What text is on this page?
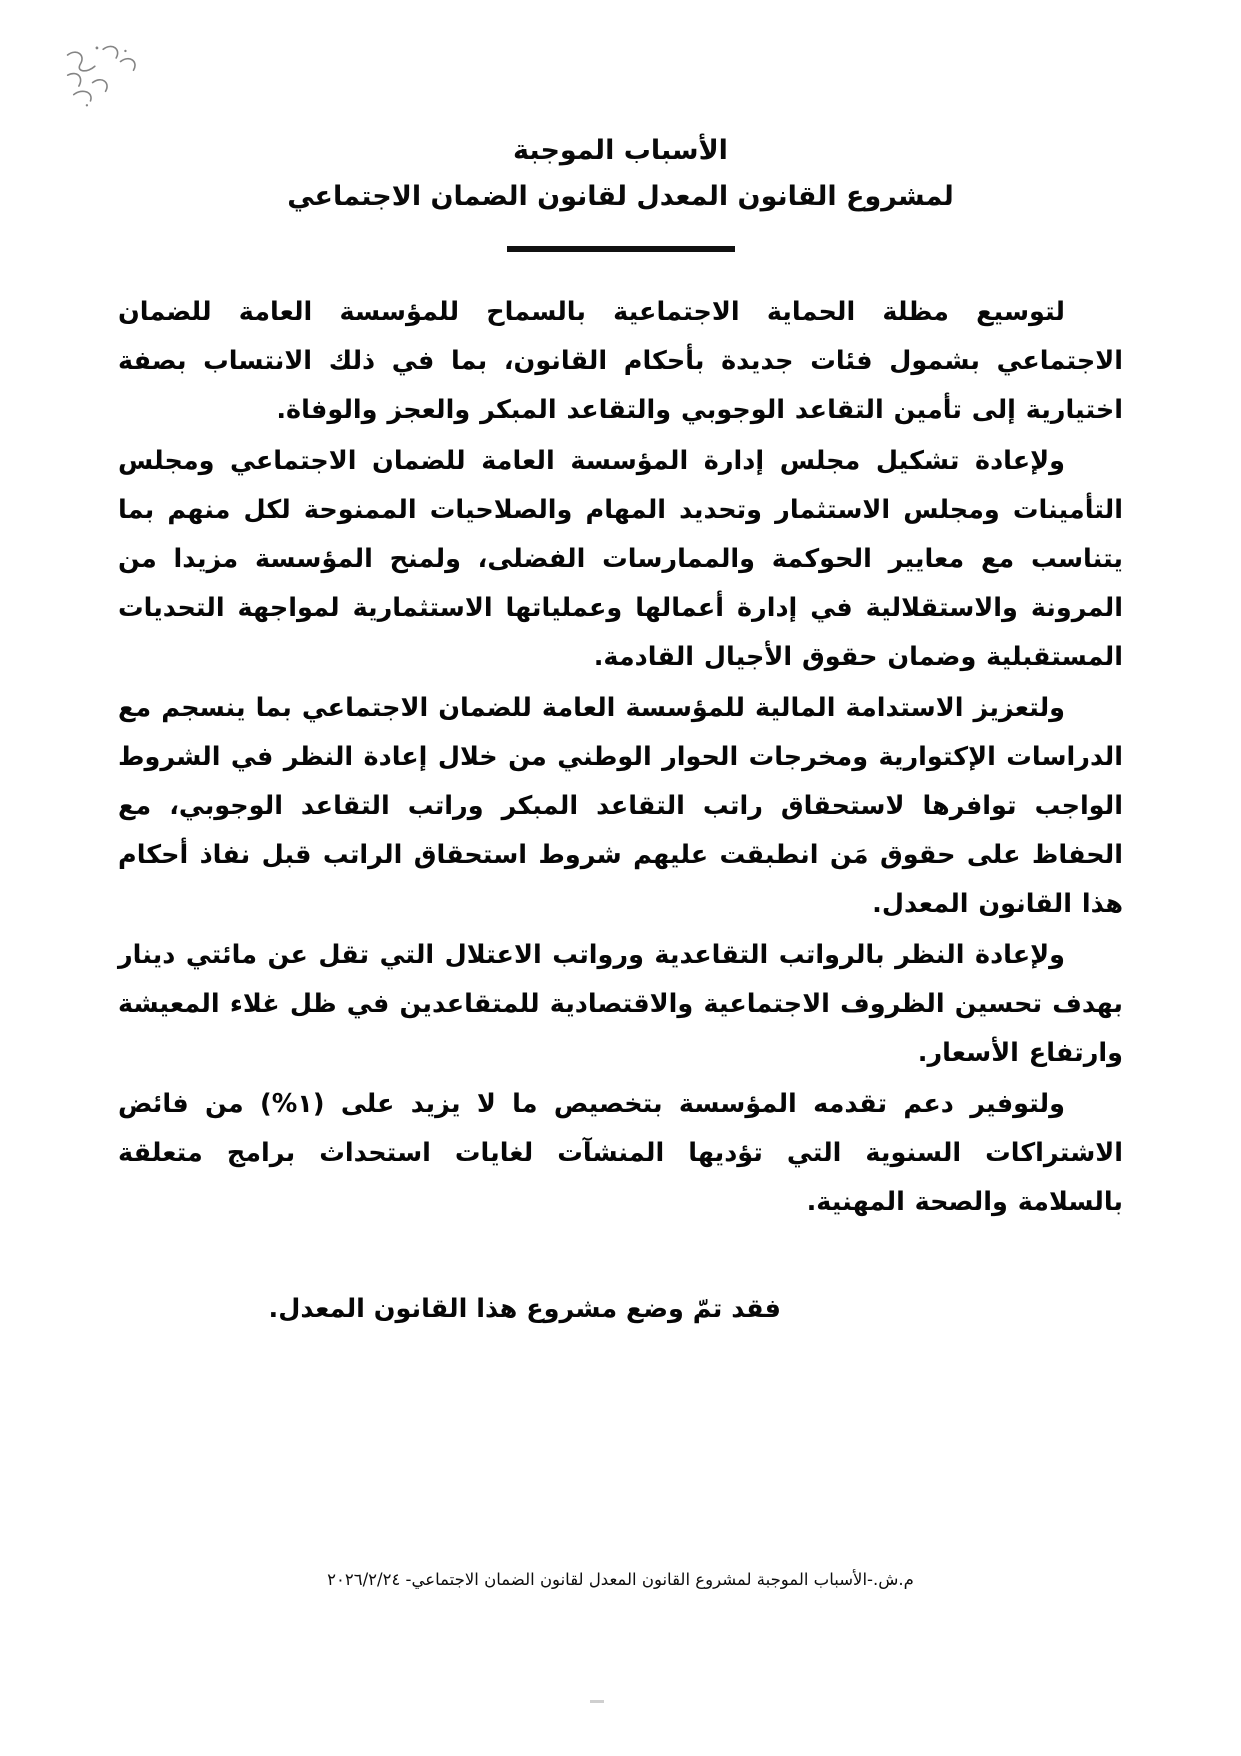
الأسباب الموجبة
لمشروع القانون المعدل لقانون الضمان الاجتماعي

لتوسيع مظلة الحماية الاجتماعية بالسماح للمؤسسة العامة للضمان الاجتماعي بشمول فئات جديدة بأحكام القانون، بما في ذلك الانتساب بصفة اختيارية إلى تأمين التقاعد الوجوبي والتقاعد المبكر والعجز والوفاة.

ولإعادة تشكيل مجلس إدارة المؤسسة العامة للضمان الاجتماعي ومجلس التأمينات ومجلس الاستثمار وتحديد المهام والصلاحيات الممنوحة لكل منهم بما يتناسب مع معايير الحوكمة والممارسات الفضلى، ولمنح المؤسسة مزيدا من المرونة والاستقلالية في إدارة أعمالها وعملياتها الاستثمارية لمواجهة التحديات المستقبلية وضمان حقوق الأجيال القادمة.

ولتعزيز الاستدامة المالية للمؤسسة العامة للضمان الاجتماعي بما ينسجم مع الدراسات الإكتوارية ومخرجات الحوار الوطني من خلال إعادة النظر في الشروط الواجب توافرها لاستحقاق راتب التقاعد المبكر وراتب التقاعد الوجوبي، مع الحفاظ على حقوق مَن انطبقت عليهم شروط استحقاق الراتب قبل نفاذ أحكام هذا القانون المعدل.

ولإعادة النظر بالرواتب التقاعدية ورواتب الاعتلال التي تقل عن مائتي دينار بهدف تحسين الظروف الاجتماعية والاقتصادية للمتقاعدين في ظل غلاء المعيشة وارتفاع الأسعار.

ولتوفير دعم تقدمه المؤسسة بتخصيص ما لا يزيد على (١%) من فائض الاشتراكات السنوية التي تؤديها المنشآت لغايات استحداث برامج متعلقة بالسلامة والصحة المهنية.

فقد تمّ وضع مشروع هذا القانون المعدل.

م.ش.-الأسباب الموجبة لمشروع القانون المعدل لقانون الضمان الاجتماعي- ٢٠٢٦/٢/٢٤
